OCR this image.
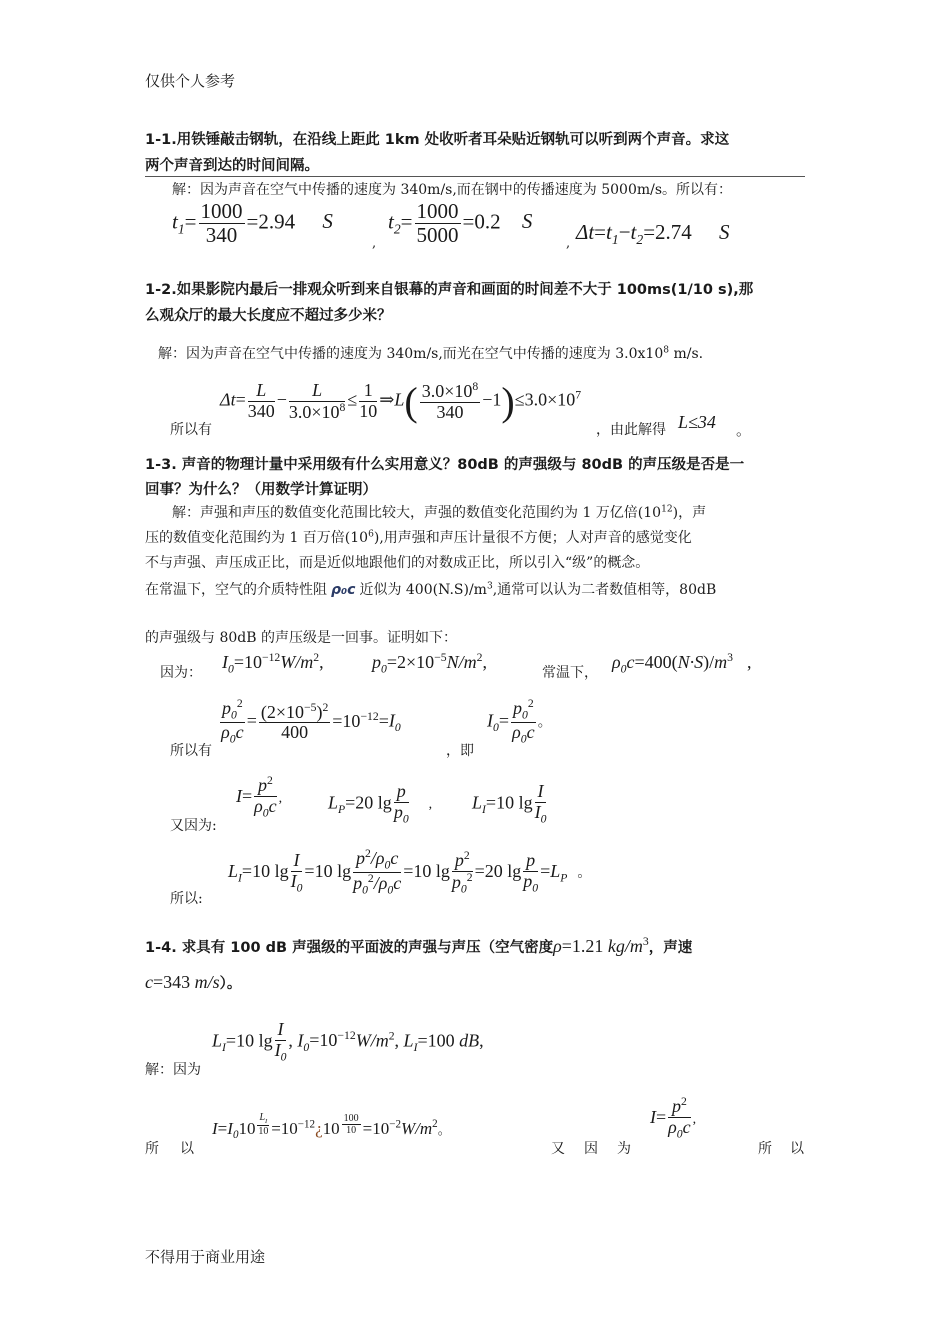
仅供个人参考
1-1.用铁锤敲击钢轨，在沿线上距此 1km 处收听者耳朵贴近钢轨可以听到两个声音。求这
两个声音到达的时间间隔。
解：因为声音在空气中传播的速度为 340m/s,而在钢中的传播速度为 5000m/s。所以有：
$t_1= \frac{1000}{340} =2.94$ S
,
$t_2= \frac{1000}{5000} =0.2$ S
, $\Delta t=t_1-t_2=2.74$ S
1-2.如果影院内最后一排观众听到来自银幕的声音和画面的时间差不大于 100ms(1/10 s),那
么观众厅的最大长度应不超过多少米？
解：因为声音在空气中传播的速度为 340m/s,而光在空气中传播的速度为 $3.0x10^8$ m/s.
所以有
$\Delta t= \frac{L}{340} - \frac{L}{3.0\times 10^8} \le \frac{1}{10}$ ⇒L( $\frac{3.0\times 10^8}{340} -1)\le 3.0\times 10^7$
，由此解得 L≤34 。
1-3. 声音的物理计量中采用级有什么实用意义？80dB 的声强级与 80dB 的声压级是否是一
回事？为什么？（用数学计算证明）
解：声强和声压的数值变化范围比较大，声强的数值变化范围约为 1 万亿倍$(10^{12})$，声
压的数值变化范围约为 1 百万倍$(10^6)$,用声强和声压计量很不方便；人对声音的感觉变化
不与声强、声压成正比，而是近似地跟他们的对数成正比，所以引入“级”的概念。
在常温下，空气的介质特性阻 ρ₀c 近似为 $400(N.S)/m^3$,通常可以认为二者数值相等，80dB
的声强级与 80dB 的声压级是一回事。证明如下：
因为：
$I_0=10^{-12}W/m^2$,	$p_0=2\times 10^{-5}N/m^2$,
常温下，
$\rho_0c=400(N\cdot S)/m^3$ ,
所以有
$\frac{p_0^2}{\rho_0c} = \frac{(2\times 10^{-5})^2}{400} =10^{-12}=I_0$
，即
$I_0= \frac{p_0^2}{\rho_0c}$ 。
又因为:
$I= \frac{p^2}{\rho_0c}$ ,	$L_P=20$ $\lg \frac{p}{p_0}$ , $L_I=10$ $\lg \frac{I}{I_0}$
所以:
$L_I=10$ $\lg \frac{I}{I_0} =10$ $\lg \frac{p^2/\rho_0c}{p_0^2/\rho_0c} =10$ $\lg \frac{p^2}{p_0^2} =20$ $\lg \frac{p}{p_0} =L_P$ 。
1-4. 求具有 100 dB 声强级的平面波的声强与声压（空气密度ρ=1.21 $kg/m^3$，声速
c=343 m/s）。
解：因为
$L_I=10$ $\lg \frac{I}{I_0}$ , $I_0=10^{-12}W/m^2$, $L_I=100$ dB,
所 以
$I=I_010$ $^{\frac{L_I}{10}} =10^{-12}¿10$ $^{\frac{100}{10}} =10^{-2}W/m^2$。
又 因 为
$I= \frac{p^2}{\rho_0c}$ ,
所 以
不得用于商业用途
